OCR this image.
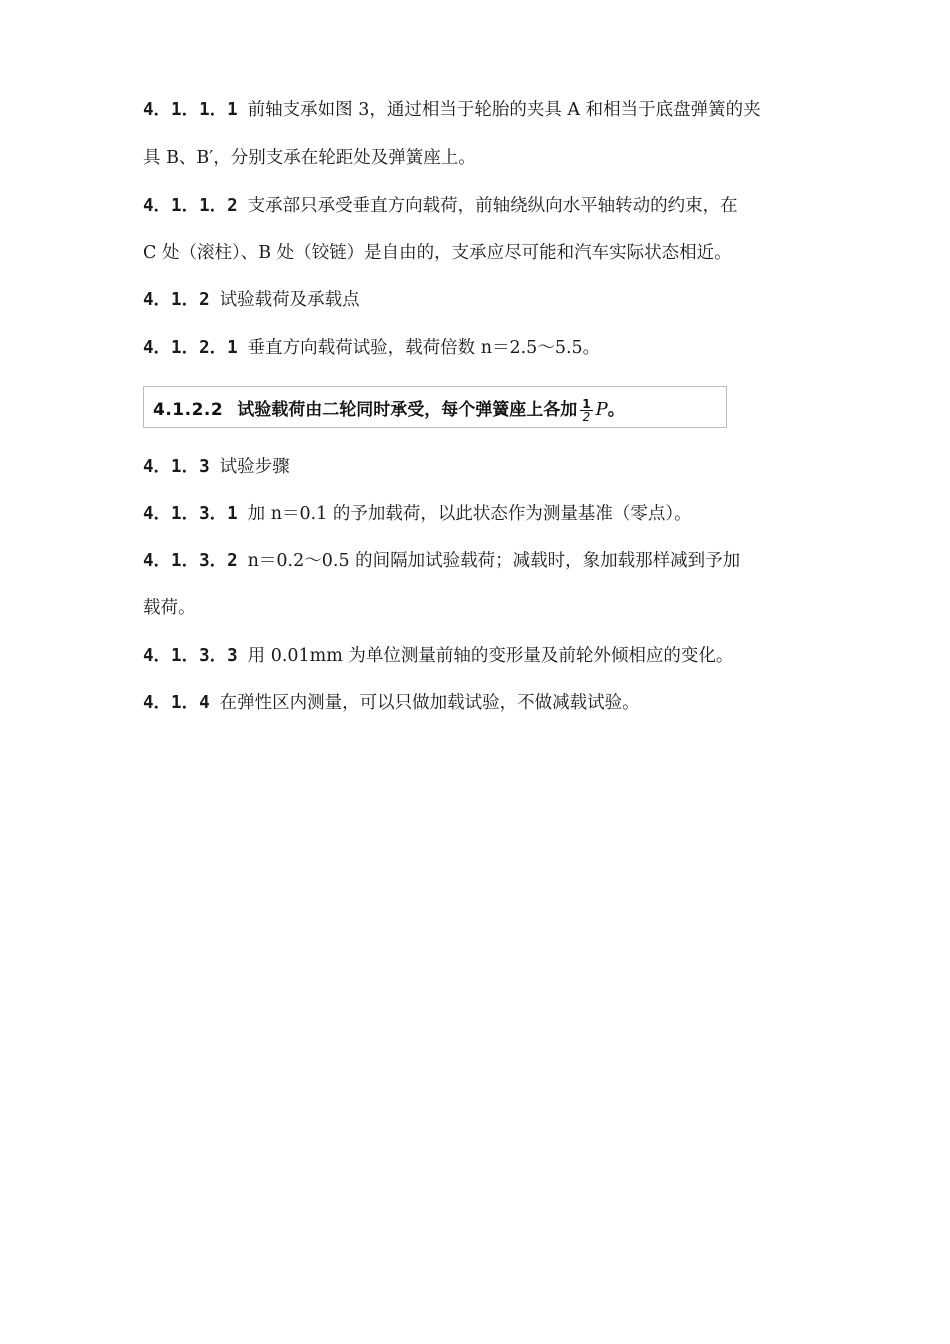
4．1．1．1 前轴支承如图 3，通过相当于轮胎的夹具 A 和相当于底盘弹簧的夹
具 B、B′，分别支承在轮距处及弹簧座上。
4．1．1．2 支承部只承受垂直方向载荷，前轴绕纵向水平轴转动的约束，在
C 处（滚柱）、B 处（铰链）是自由的，支承应尽可能和汽车实际状态相近。
4．1．2 试验载荷及承载点
4．1．2．1 垂直方向载荷试验，载荷倍数 n＝2.5～5.5。
4.1.2.2 试验载荷由二轮同时承受，每个弹簧座上各加 $\frac{1}{2}$ P。
4．1．3 试验步骤
4．1．3．1 加 n＝0.1 的予加载荷，以此状态作为测量基准（零点）。
4．1．3．2 n＝0.2～0.5 的间隔加试验载荷；减载时，象加载那样减到予加
载荷。
4．1．3．3 用 0.01mm 为单位测量前轴的变形量及前轮外倾相应的变化。
4．1．4 在弹性区内测量，可以只做加载试验，不做减载试验。
